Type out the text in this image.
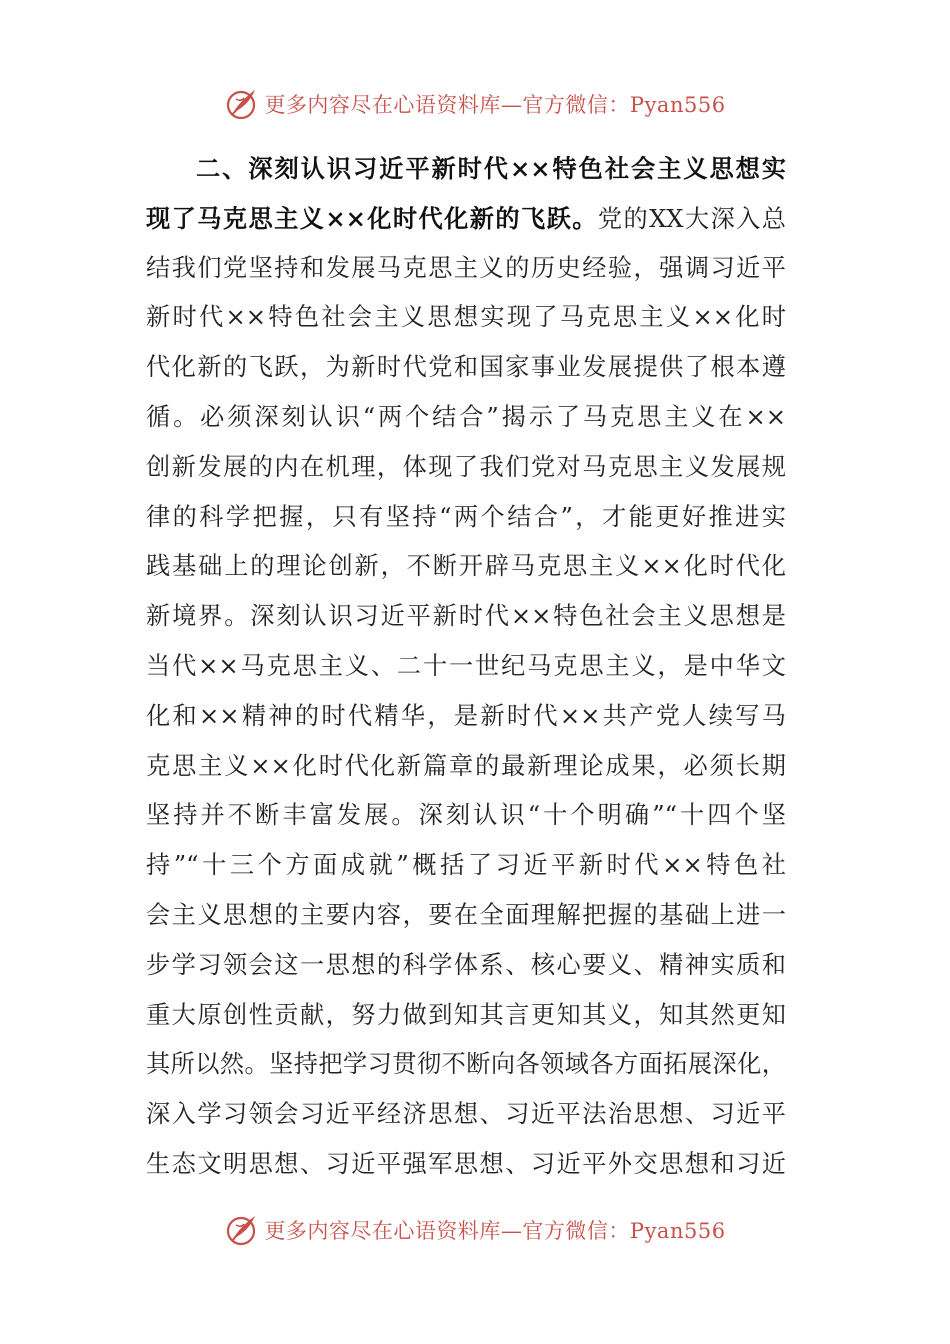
更多内容尽在心语资料库—官方微信：Pyan556
二、深刻认识习近平新时代××特色社会主义思想实
现了马克思主义××化时代化新的飞跃。党的XX大深入总
结我们党坚持和发展马克思主义的历史经验，强调习近平
新时代××特色社会主义思想实现了马克思主义××化时
代化新的飞跃，为新时代党和国家事业发展提供了根本遵
循。必须深刻认识“两个结合”揭示了马克思主义在××
创新发展的内在机理，体现了我们党对马克思主义发展规
律的科学把握，只有坚持“两个结合”，才能更好推进实
践基础上的理论创新，不断开辟马克思主义××化时代化
新境界。深刻认识习近平新时代××特色社会主义思想是
当代××马克思主义、二十一世纪马克思主义，是中华文
化和××精神的时代精华，是新时代××共产党人续写马
克思主义××化时代化新篇章的最新理论成果，必须长期
坚持并不断丰富发展。深刻认识“十个明确”“十四个坚
持”“十三个方面成就”概括了习近平新时代××特色社
会主义思想的主要内容，要在全面理解把握的基础上进一
步学习领会这一思想的科学体系、核心要义、精神实质和
重大原创性贡献，努力做到知其言更知其义，知其然更知
其所以然。坚持把学习贯彻不断向各领域各方面拓展深化，
深入学习领会习近平经济思想、习近平法治思想、习近平
生态文明思想、习近平强军思想、习近平外交思想和习近
更多内容尽在心语资料库—官方微信：Pyan556
